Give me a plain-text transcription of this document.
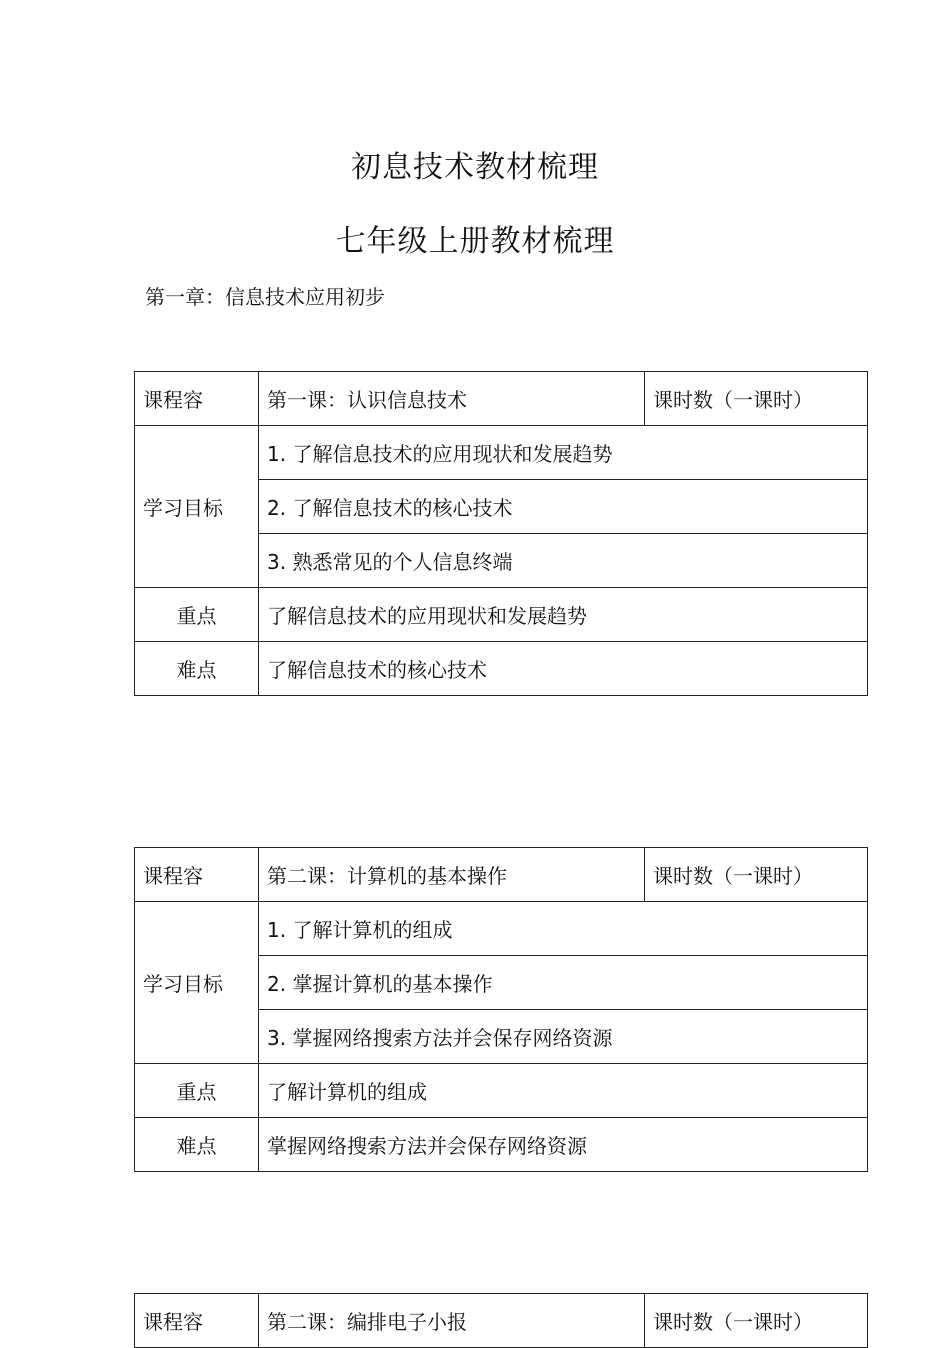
初息技术教材梳理
七年级上册教材梳理
第一章：信息技术应用初步
课程容	第一课：认识信息技术	课时数（一课时）
学习目标	1. 了解信息技术的应用现状和发展趋势	
	2. 了解信息技术的核心技术	
	3. 熟悉常见的个人信息终端	
重点	了解信息技术的应用现状和发展趋势	
难点	了解信息技术的核心技术	
课程容	第二课：计算机的基本操作	课时数（一课时）
学习目标	1. 了解计算机的组成	
	2. 掌握计算机的基本操作	
	3. 掌握网络搜索方法并会保存网络资源	
重点	了解计算机的组成	
难点	掌握网络搜索方法并会保存网络资源	
课程容	第二课：编排电子小报	课时数（一课时）
